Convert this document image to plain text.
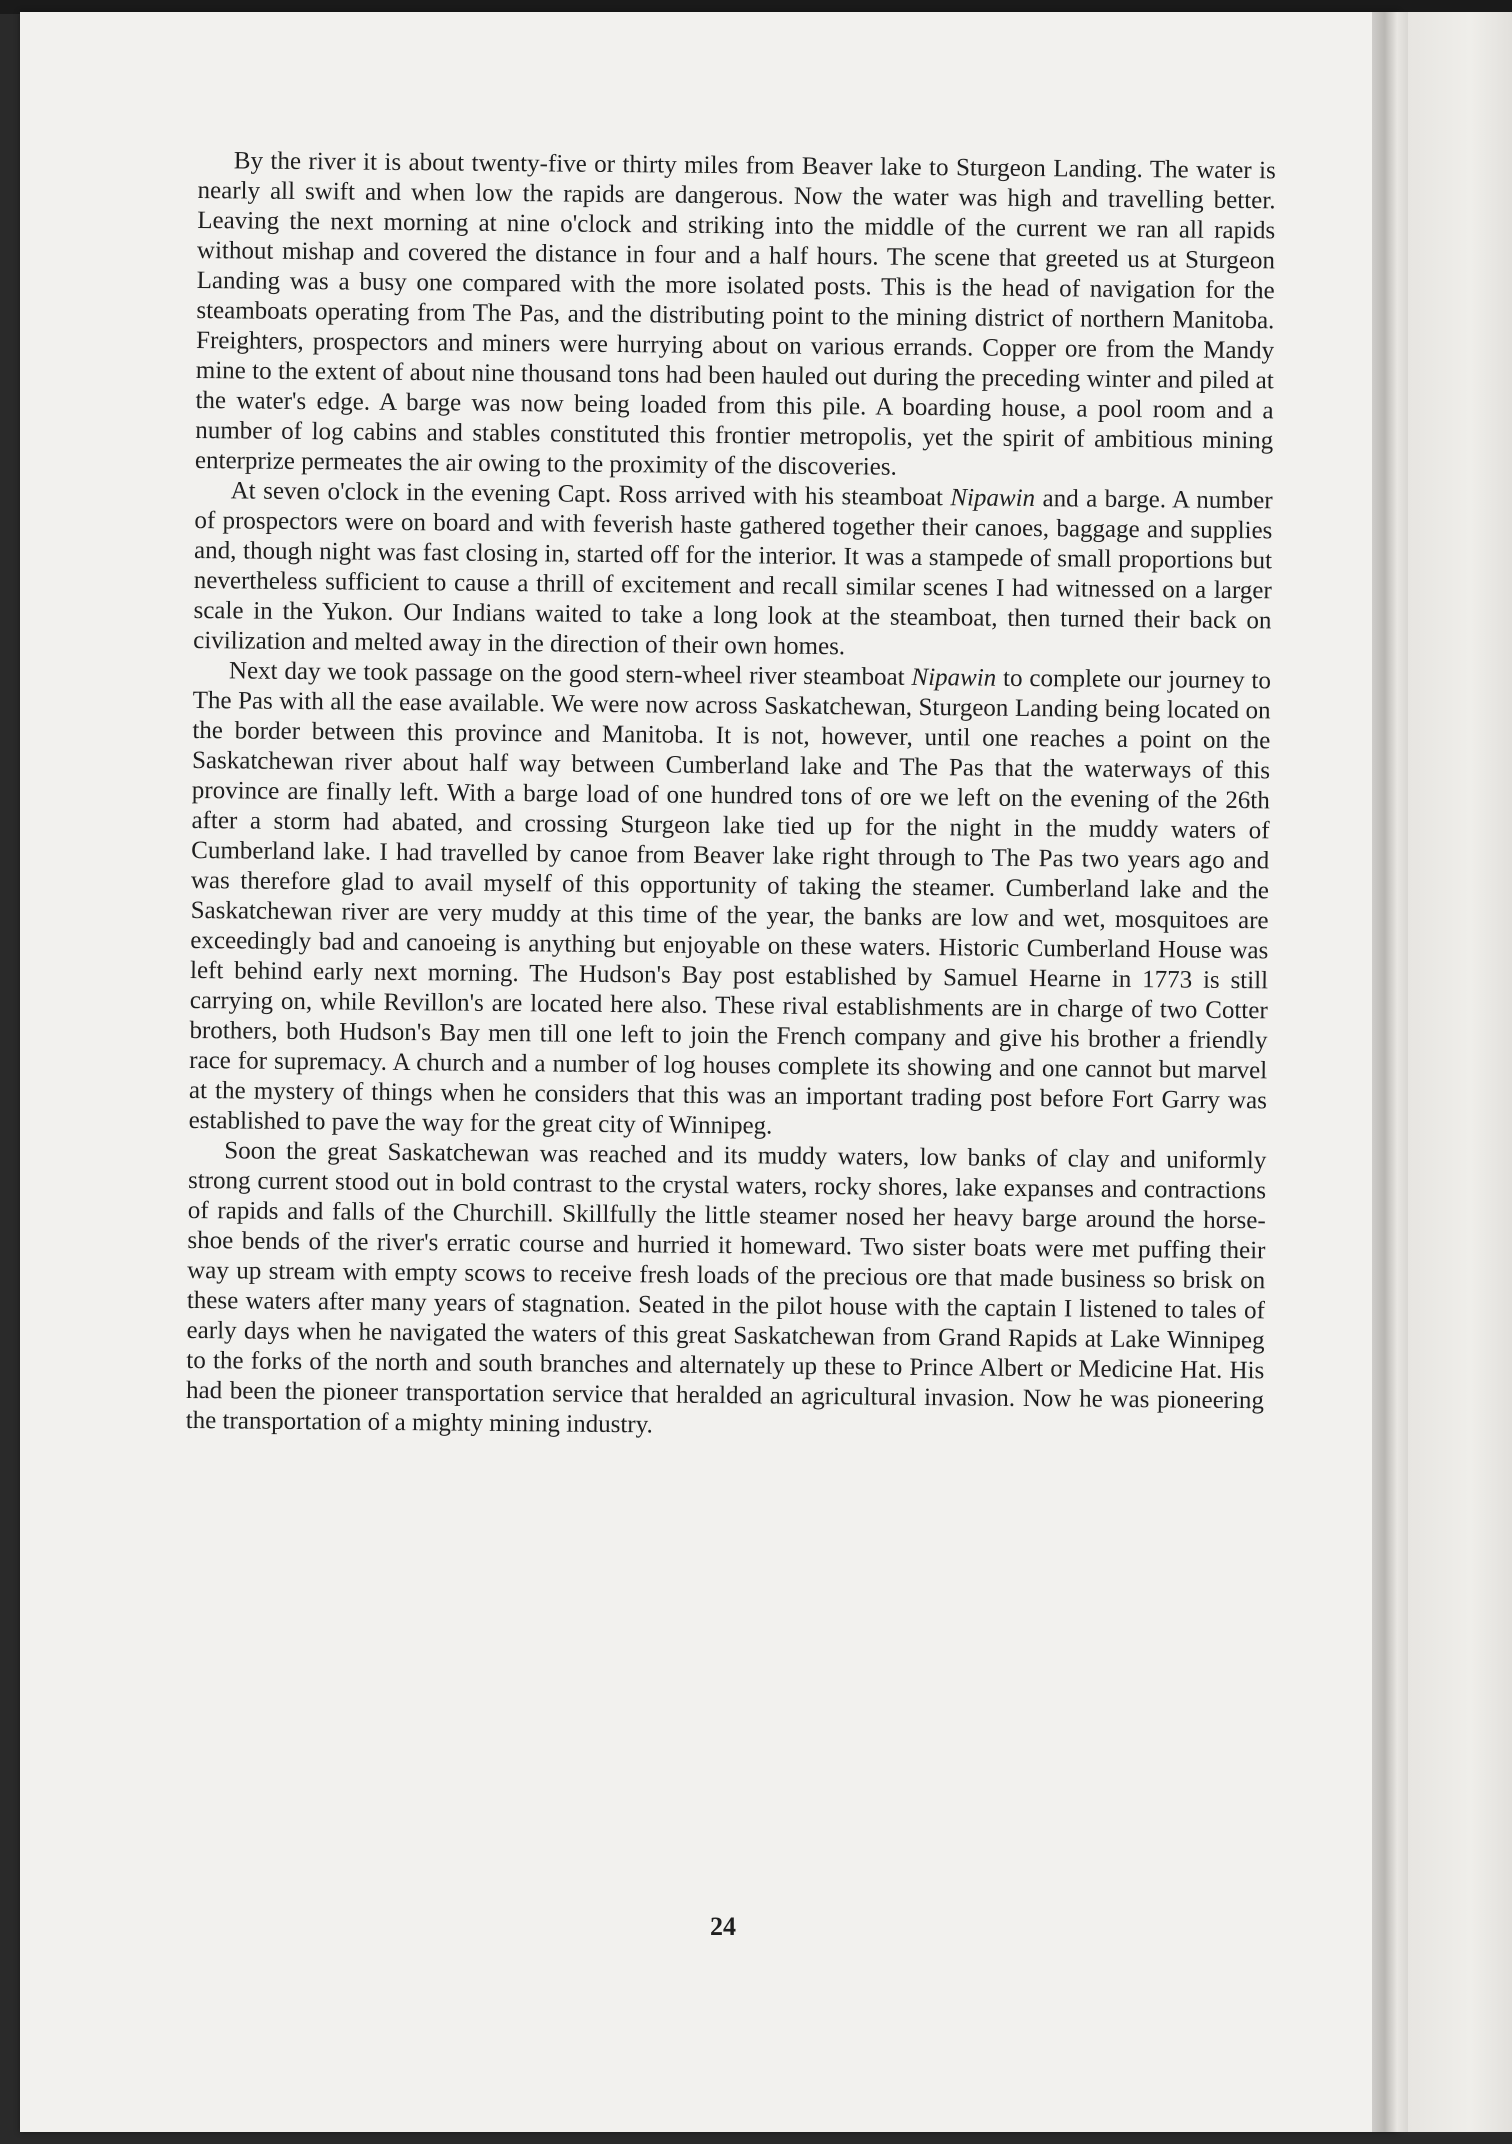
By the river it is about twenty-five or thirty miles from Beaver lake to Sturgeon Landing. The water is nearly all swift and when low the rapids are dangerous. Now the water was high and travelling better. Leaving the next morning at nine o'clock and striking into the middle of the current we ran all rapids without mishap and covered the distance in four and a half hours. The scene that greeted us at Sturgeon Landing was a busy one compared with the more isolated posts. This is the head of navigation for the steamboats operating from The Pas, and the distributing point to the mining district of northern Manitoba. Freighters, prospectors and miners were hurrying about on various errands. Copper ore from the Mandy mine to the extent of about nine thousand tons had been hauled out during the preceding winter and piled at the water's edge. A barge was now being loaded from this pile. A boarding house, a pool room and a number of log cabins and stables constituted this frontier metropolis, yet the spirit of ambitious mining enterprize permeates the air owing to the proximity of the discoveries.

At seven o'clock in the evening Capt. Ross arrived with his steamboat Nipawin and a barge. A number of prospectors were on board and with feverish haste gathered together their canoes, baggage and supplies and, though night was fast closing in, started off for the interior. It was a stampede of small proportions but nevertheless sufficient to cause a thrill of excitement and recall similar scenes I had witnessed on a larger scale in the Yukon. Our Indians waited to take a long look at the steamboat, then turned their back on civilization and melted away in the direction of their own homes.

Next day we took passage on the good stern-wheel river steamboat Nipawin to complete our journey to The Pas with all the ease available. We were now across Saskatchewan, Sturgeon Landing being located on the border between this province and Manitoba. It is not, however, until one reaches a point on the Saskatchewan river about half way between Cumberland lake and The Pas that the waterways of this province are finally left. With a barge load of one hundred tons of ore we left on the evening of the 26th after a storm had abated, and crossing Sturgeon lake tied up for the night in the muddy waters of Cumberland lake. I had travelled by canoe from Beaver lake right through to The Pas two years ago and was therefore glad to avail myself of this opportunity of taking the steamer. Cumberland lake and the Saskatchewan river are very muddy at this time of the year, the banks are low and wet, mosquitoes are exceedingly bad and canoeing is anything but enjoyable on these waters. Historic Cumberland House was left behind early next morning. The Hudson's Bay post established by Samuel Hearne in 1773 is still carrying on, while Revillon's are located here also. These rival establishments are in charge of two Cotter brothers, both Hudson's Bay men till one left to join the French company and give his brother a friendly race for supremacy. A church and a number of log houses complete its showing and one cannot but marvel at the mystery of things when he considers that this was an important trading post before Fort Garry was established to pave the way for the great city of Winnipeg.

Soon the great Saskatchewan was reached and its muddy waters, low banks of clay and uniformly strong current stood out in bold contrast to the crystal waters, rocky shores, lake expanses and contractions of rapids and falls of the Churchill. Skillfully the little steamer nosed her heavy barge around the horse-shoe bends of the river's erratic course and hurried it homeward. Two sister boats were met puffing their way up stream with empty scows to receive fresh loads of the precious ore that made business so brisk on these waters after many years of stagnation. Seated in the pilot house with the captain I listened to tales of early days when he navigated the waters of this great Saskatchewan from Grand Rapids at Lake Winnipeg to the forks of the north and south branches and alternately up these to Prince Albert or Medicine Hat. His had been the pioneer transportation service that heralded an agricultural invasion. Now he was pioneering the transportation of a mighty mining industry.

24
